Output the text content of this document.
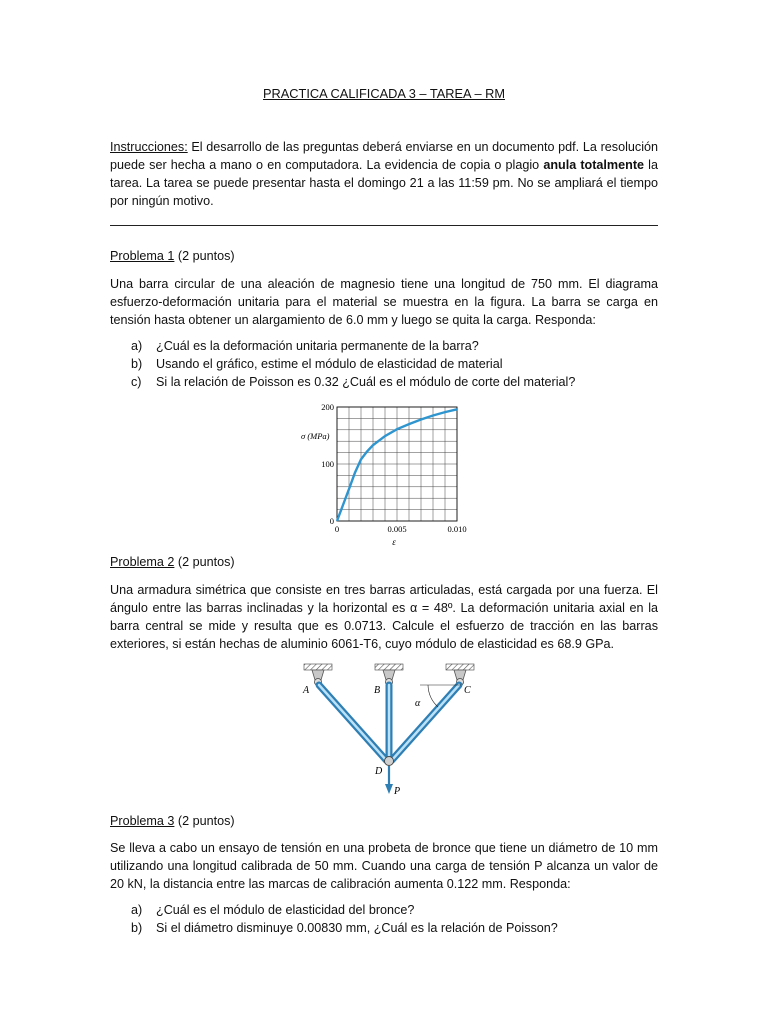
PRACTICA CALIFICADA 3 – TAREA – RM

Instrucciones: El desarrollo de las preguntas deberá enviarse en un documento pdf. La resolución puede ser hecha a mano o en computadora. La evidencia de copia o plagio anula totalmente la tarea. La tarea se puede presentar hasta el domingo 21 a las 11:59 pm. No se ampliará el tiempo por ningún motivo.

Problema 1 (2 puntos)

Una barra circular de una aleación de magnesio tiene una longitud de 750 mm. El diagrama esfuerzo-deformación unitaria para el material se muestra en la figura. La barra se carga en tensión hasta obtener un alargamiento de 6.0 mm y luego se quita la carga. Responda:

a) ¿Cuál es la deformación unitaria permanente de la barra?
b) Usando el gráfico, estime el módulo de elasticidad de material
c) Si la relación de Poisson es 0.32 ¿Cuál es el módulo de corte del material?
0
100
200
0	0.005	0.010
σ (MPa)
ε

Problema 2 (2 puntos)

Una armadura simétrica que consiste en tres barras articuladas, está cargada por una fuerza. El ángulo entre las barras inclinadas y la horizontal es α = 48º. La deformación unitaria axial en la barra central se mide y resulta que es 0.0713. Calcule el esfuerzo de tracción en las barras exteriores, si están hechas de aluminio 6061-T6, cuyo módulo de elasticidad es 68.9 GPa.

A	B	C
D
α
P

Problema 3 (2 puntos)

Se lleva a cabo un ensayo de tensión en una probeta de bronce que tiene un diámetro de 10 mm utilizando una longitud calibrada de 50 mm. Cuando una carga de tensión P alcanza un valor de 20 kN, la distancia entre las marcas de calibración aumenta 0.122 mm. Responda:

a) ¿Cuál es el módulo de elasticidad del bronce?
b) Si el diámetro disminuye 0.00830 mm, ¿Cuál es la relación de Poisson?
